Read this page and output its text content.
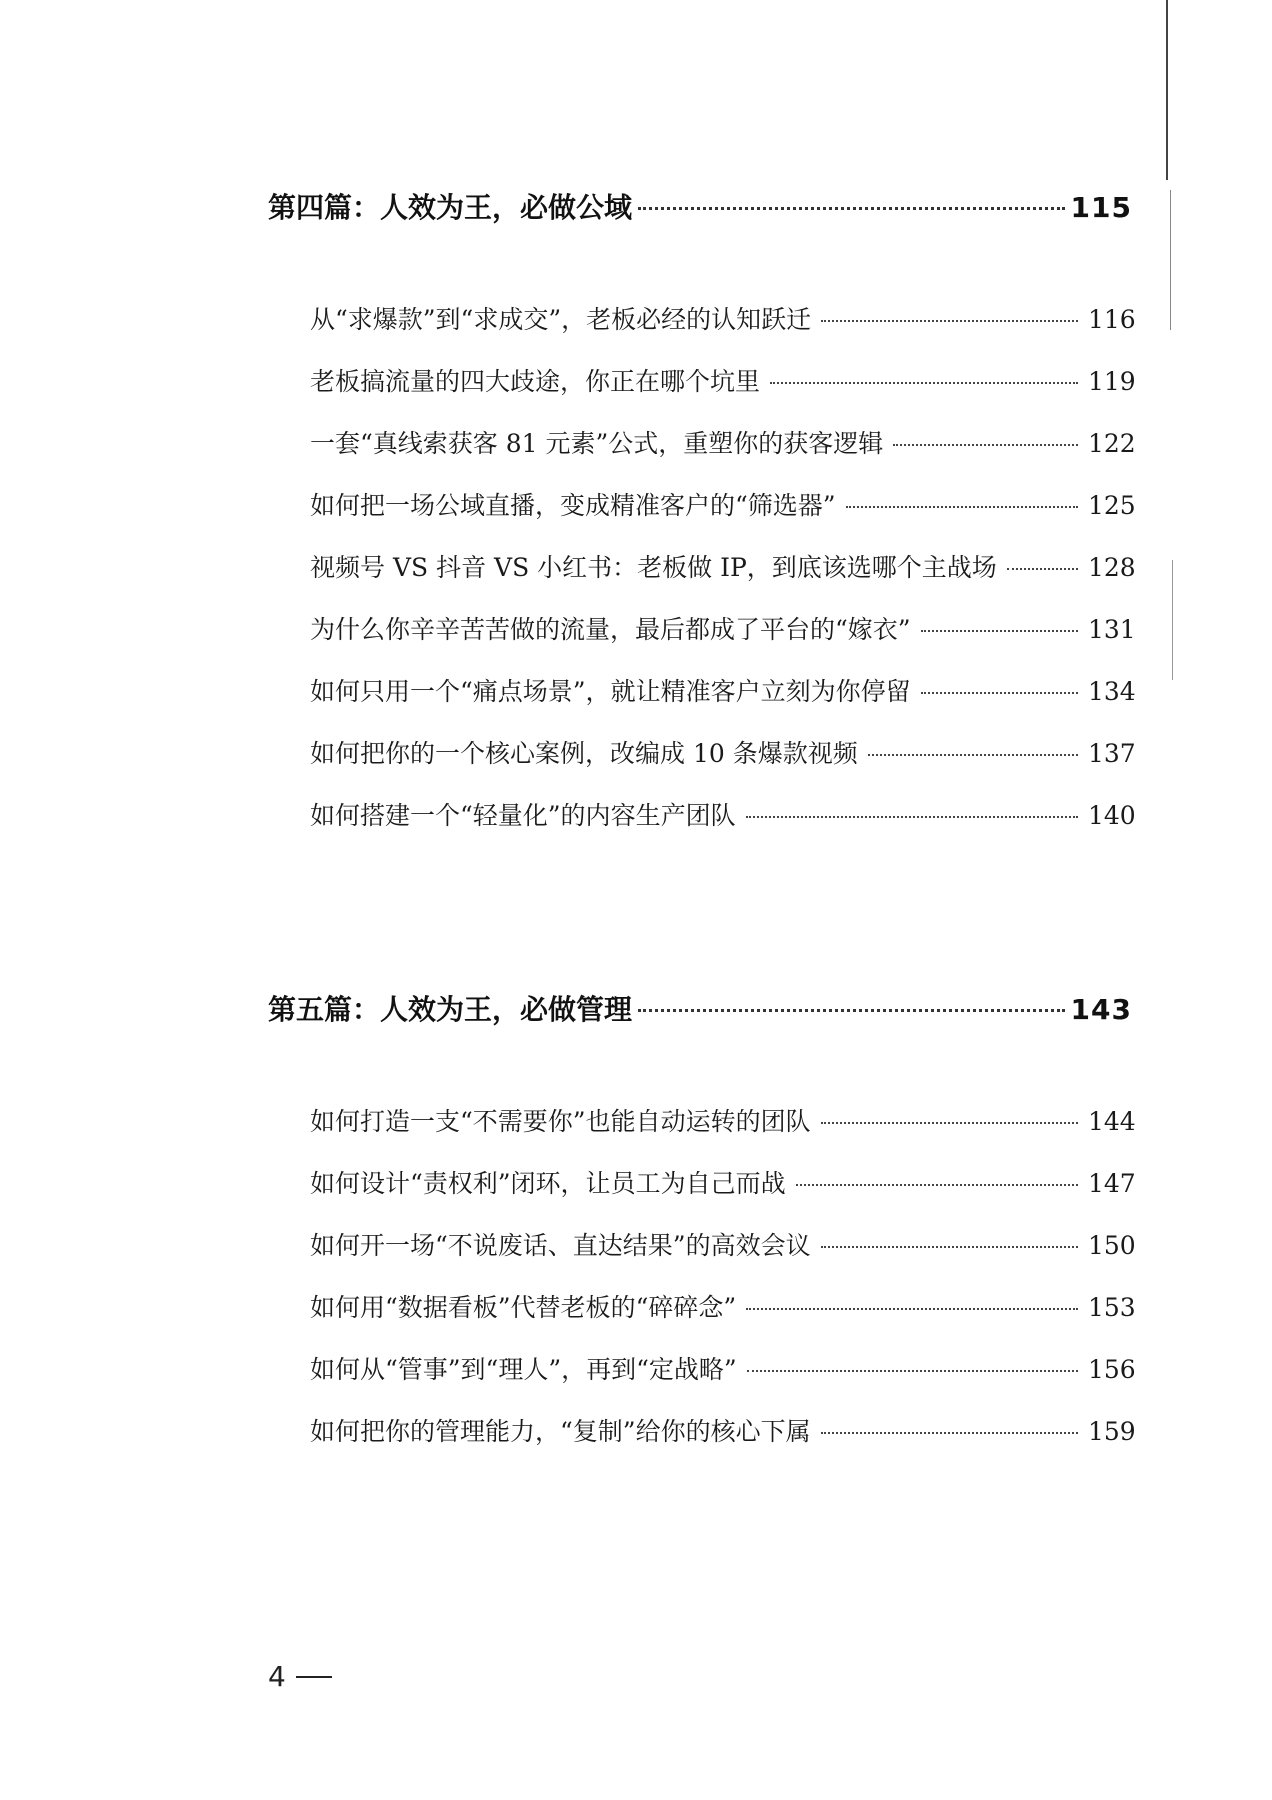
第四篇：人效为王，必做公域	115
从“求爆款”到“求成交”，老板必经的认知跃迁	116
老板搞流量的四大歧途，你正在哪个坑里	119
一套“真线索获客 81 元素”公式，重塑你的获客逻辑	122
如何把一场公域直播，变成精准客户的“筛选器”	125
视频号 VS 抖音 VS 小红书：老板做 IP，到底该选哪个主战场	128
为什么你辛辛苦苦做的流量，最后都成了平台的“嫁衣”	131
如何只用一个“痛点场景”，就让精准客户立刻为你停留	134
如何把你的一个核心案例，改编成 10 条爆款视频	137
如何搭建一个“轻量化”的内容生产团队	140
第五篇：人效为王，必做管理	143
如何打造一支“不需要你”也能自动运转的团队	144
如何设计“责权利”闭环，让员工为自己而战	147
如何开一场“不说废话、直达结果”的高效会议	150
如何用“数据看板”代替老板的“碎碎念”	153
如何从“管事”到“理人”，再到“定战略”	156
如何把你的管理能力，“复制”给你的核心下属	159
4
